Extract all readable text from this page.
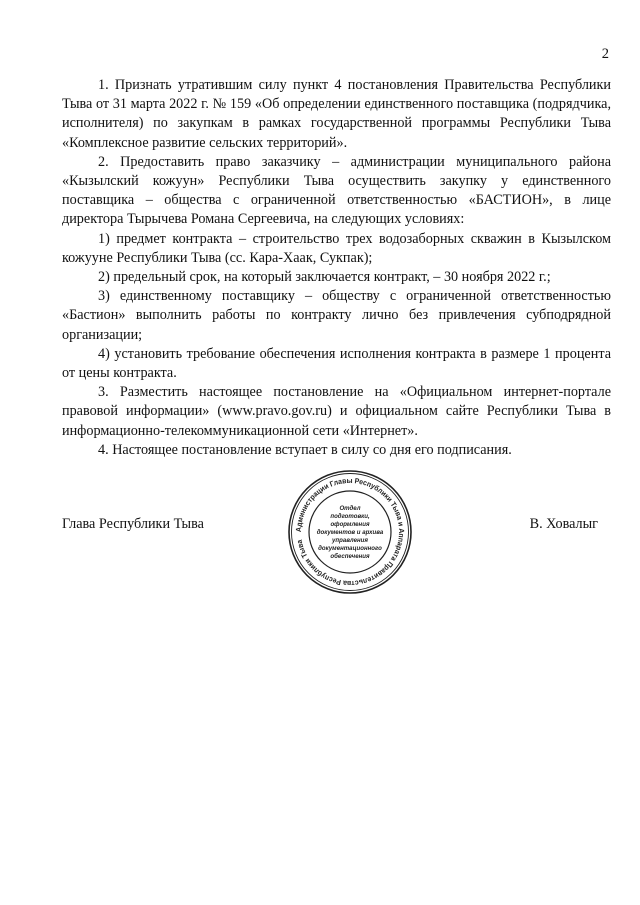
2

1. Признать утратившим силу пункт 4 постановления Правительства Республики Тыва от 31 марта 2022 г. № 159 «Об определении единственного поставщика (подрядчика, исполнителя) по закупкам в рамках государственной программы Республики Тыва «Комплексное развитие сельских территорий».

2. Предоставить право заказчику – администрации муниципального района «Кызылский кожуун» Республики Тыва осуществить закупку у единственного поставщика – общества с ограниченной ответственностью «БАСТИОН», в лице директора Тырычева Романа Сергеевича, на следующих условиях:

1) предмет контракта – строительство трех водозаборных скважин в Кызылском кожууне Республики Тыва (сс. Кара-Хаак, Сукпак);

2) предельный срок, на который заключается контракт, – 30 ноября 2022 г.;

3) единственному поставщику – обществу с ограниченной ответственностью «Бастион» выполнить работы по контракту лично без привлечения субподрядной организации;

4) установить требование обеспечения исполнения контракта в размере 1 процента от цены контракта.

3. Разместить настоящее постановление на «Официальном интернет-портале правовой информации» (www.pravo.gov.ru) и официальном сайте Республики Тыва в информационно-телекоммуникационной сети «Интернет».

4. Настоящее постановление вступает в силу со дня его подписания.

Глава Республики Тыва	В. Ховалыг
Администрации Главы Республики Тыва и Аппарата Правительства Республики Тыва
Отдел
подготовки,
оформления
документов и архива
управления
документационного
обеспечения
